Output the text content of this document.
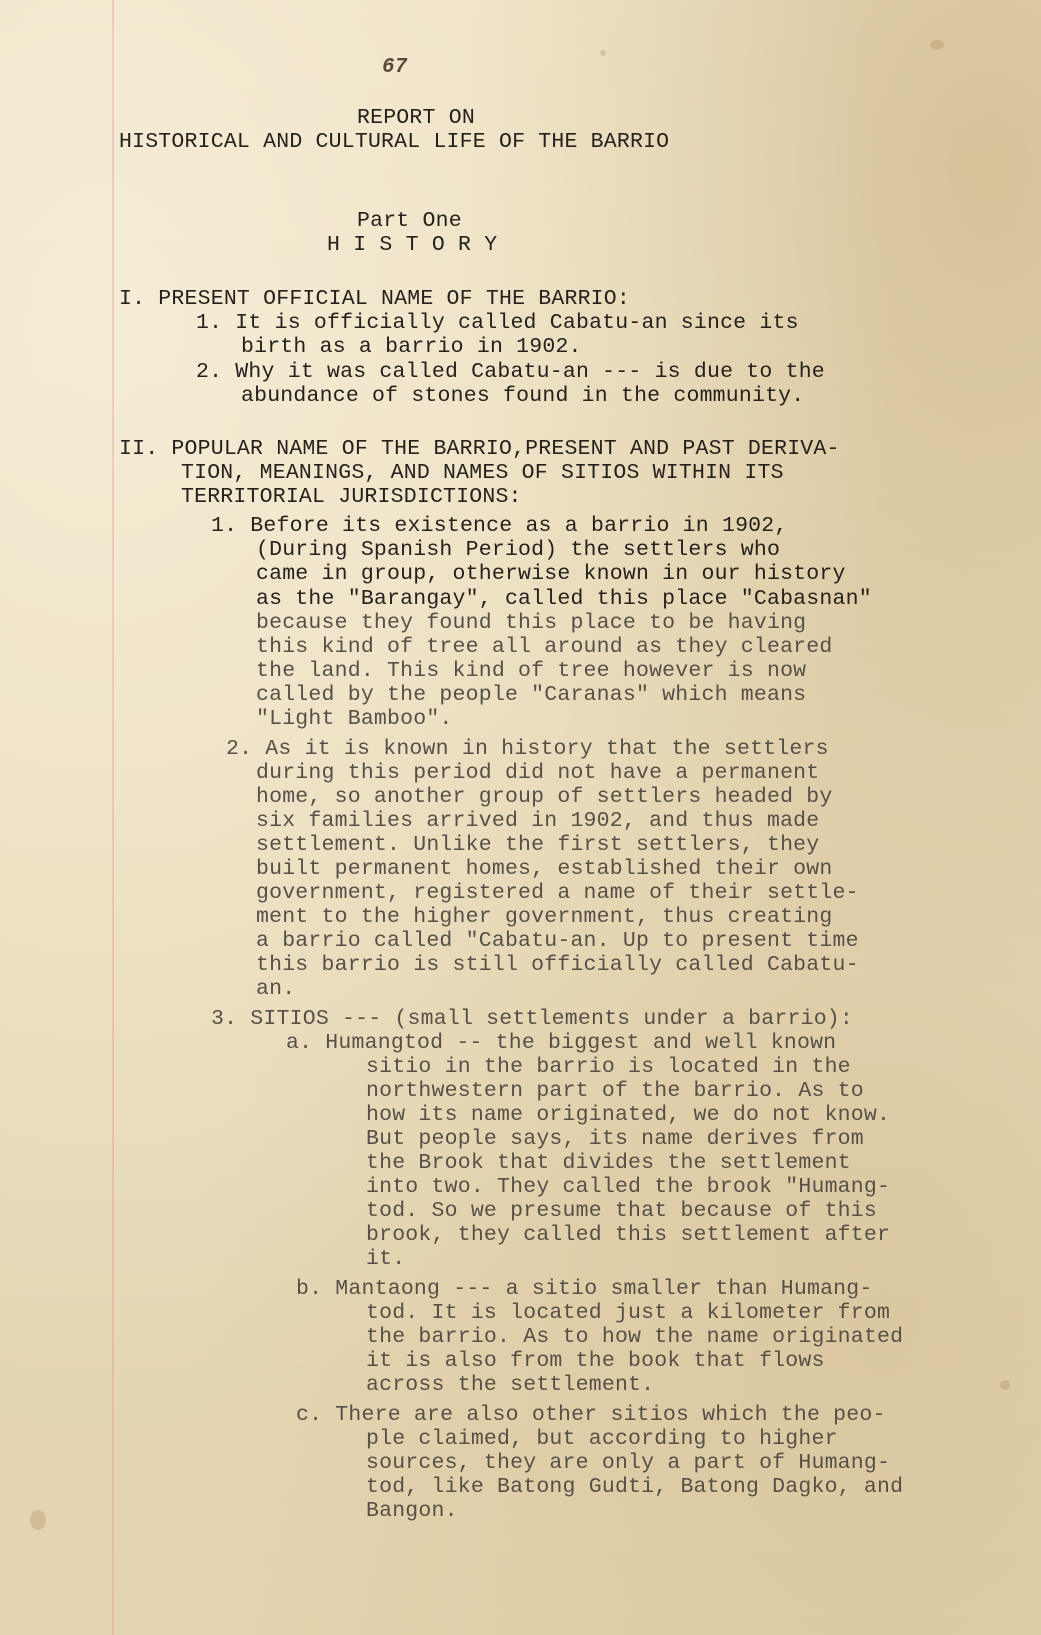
67
REPORT ON
HISTORICAL AND CULTURAL LIFE OF THE BARRIO
Part One
H I S T O R Y
I. PRESENT OFFICIAL NAME OF THE BARRIO:
1. It is officially called Cabatu-an since its
birth as a barrio in 1902.
2. Why it was called Cabatu-an --- is due to the
abundance of stones found in the community.
II. POPULAR NAME OF THE BARRIO,PRESENT AND PAST DERIVA-
TION, MEANINGS, AND NAMES OF SITIOS WITHIN ITS
TERRITORIAL JURISDICTIONS:
1. Before its existence as a barrio in 1902,
(During Spanish Period) the settlers who
came in group, otherwise known in our history
as the "Barangay", called this place "Cabasnan"
because they found this place to be having
this kind of tree all around as they cleared
the land. This kind of tree however is now
called by the people "Caranas" which means
"Light Bamboo".
2. As it is known in history that the settlers
during this period did not have a permanent
home, so another group of settlers headed by
six families arrived in 1902, and thus made
settlement. Unlike the first settlers, they
built permanent homes, established their own
government, registered a name of their settle-
ment to the higher government, thus creating
a barrio called "Cabatu-an. Up to present time
this barrio is still officially called Cabatu-
an.
3. SITIOS --- (small settlements under a barrio):
a. Humangtod -- the biggest and well known
sitio in the barrio is located in the
northwestern part of the barrio. As to
how its name originated, we do not know.
But people says, its name derives from
the Brook that divides the settlement
into two. They called the brook "Humang-
tod. So we presume that because of this
brook, they called this settlement after
it.
b. Mantaong --- a sitio smaller than Humang-
tod. It is located just a kilometer from
the barrio. As to how the name originated
it is also from the book that flows
across the settlement.
c. There are also other sitios which the peo-
ple claimed, but according to higher
sources, they are only a part of Humang-
tod, like Batong Gudti, Batong Dagko, and
Bangon.
